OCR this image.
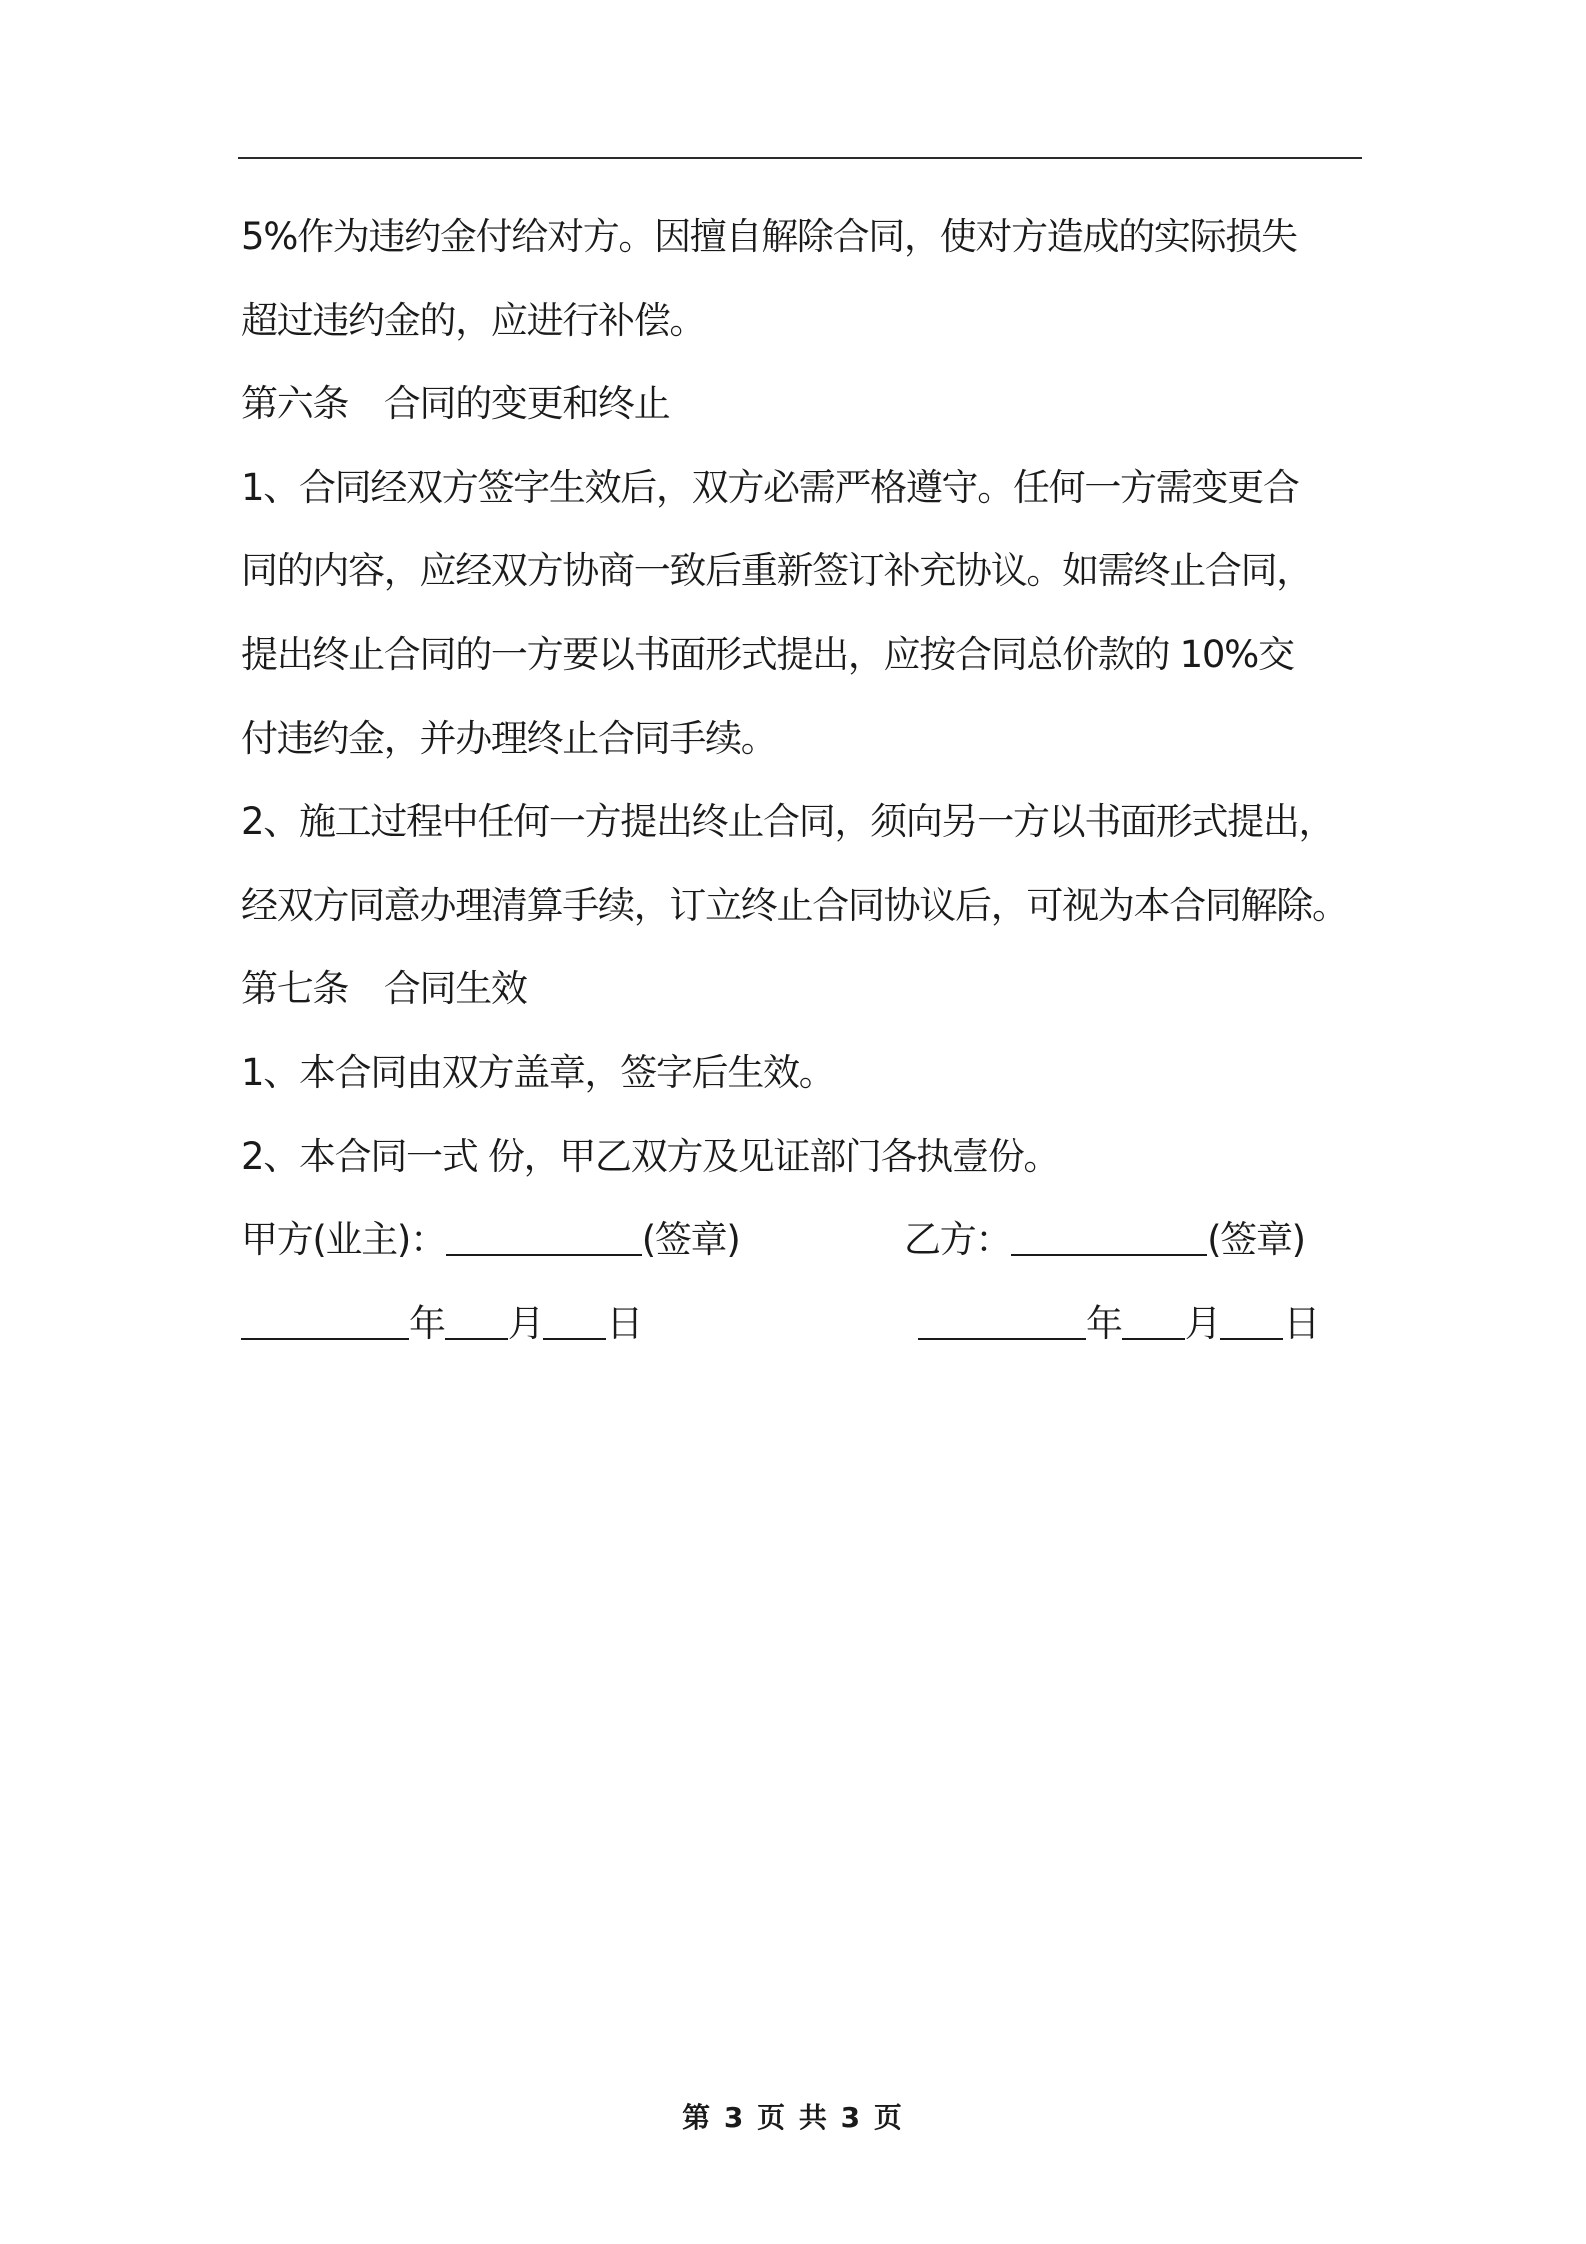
5%作为违约金付给对方。因擅自解除合同，使对方造成的实际损失

超过违约金的，应进行补偿。

第六条　合同的变更和终止

1、合同经双方签字生效后，双方必需严格遵守。任何一方需变更合

同的内容，应经双方协商一致后重新签订补充协议。如需终止合同，

提出终止合同的一方要以书面形式提出，应按合同总价款的 10%交

付违约金，并办理终止合同手续。

2、施工过程中任何一方提出终止合同，须向另一方以书面形式提出，

经双方同意办理清算手续，订立终止合同协议后，可视为本合同解除。

第七条　合同生效

1、本合同由双方盖章，签字后生效。

2、本合同一式 份，甲乙双方及见证部门各执壹份。

甲方(业主)：	(签章)	乙方：	(签章)
年 月 日	年 月 日
第 3 页 共 3 页
